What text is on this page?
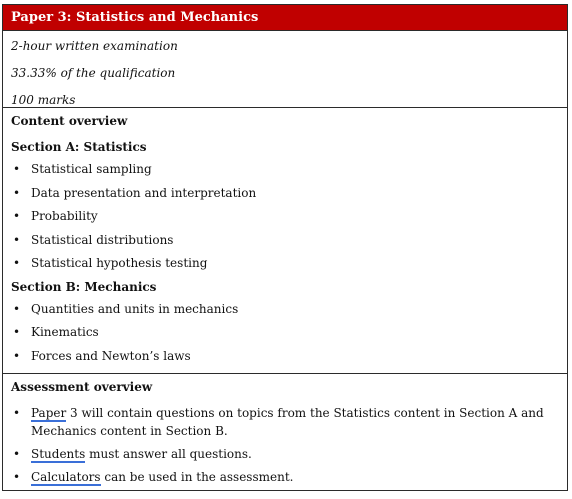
Paper 3: Statistics and Mechanics
2-hour written examination
33.33% of the qualification
100 marks
Content overview
Section A: Statistics
• Statistical sampling
• Data presentation and interpretation
• Probability
• Statistical distributions
• Statistical hypothesis testing
Section B: Mechanics
• Quantities and units in mechanics
• Kinematics
• Forces and Newton’s laws
Assessment overview
• Paper 3 will contain questions on topics from the Statistics content in Section A and
Mechanics content in Section B.
• Students must answer all questions.
• Calculators can be used in the assessment.
